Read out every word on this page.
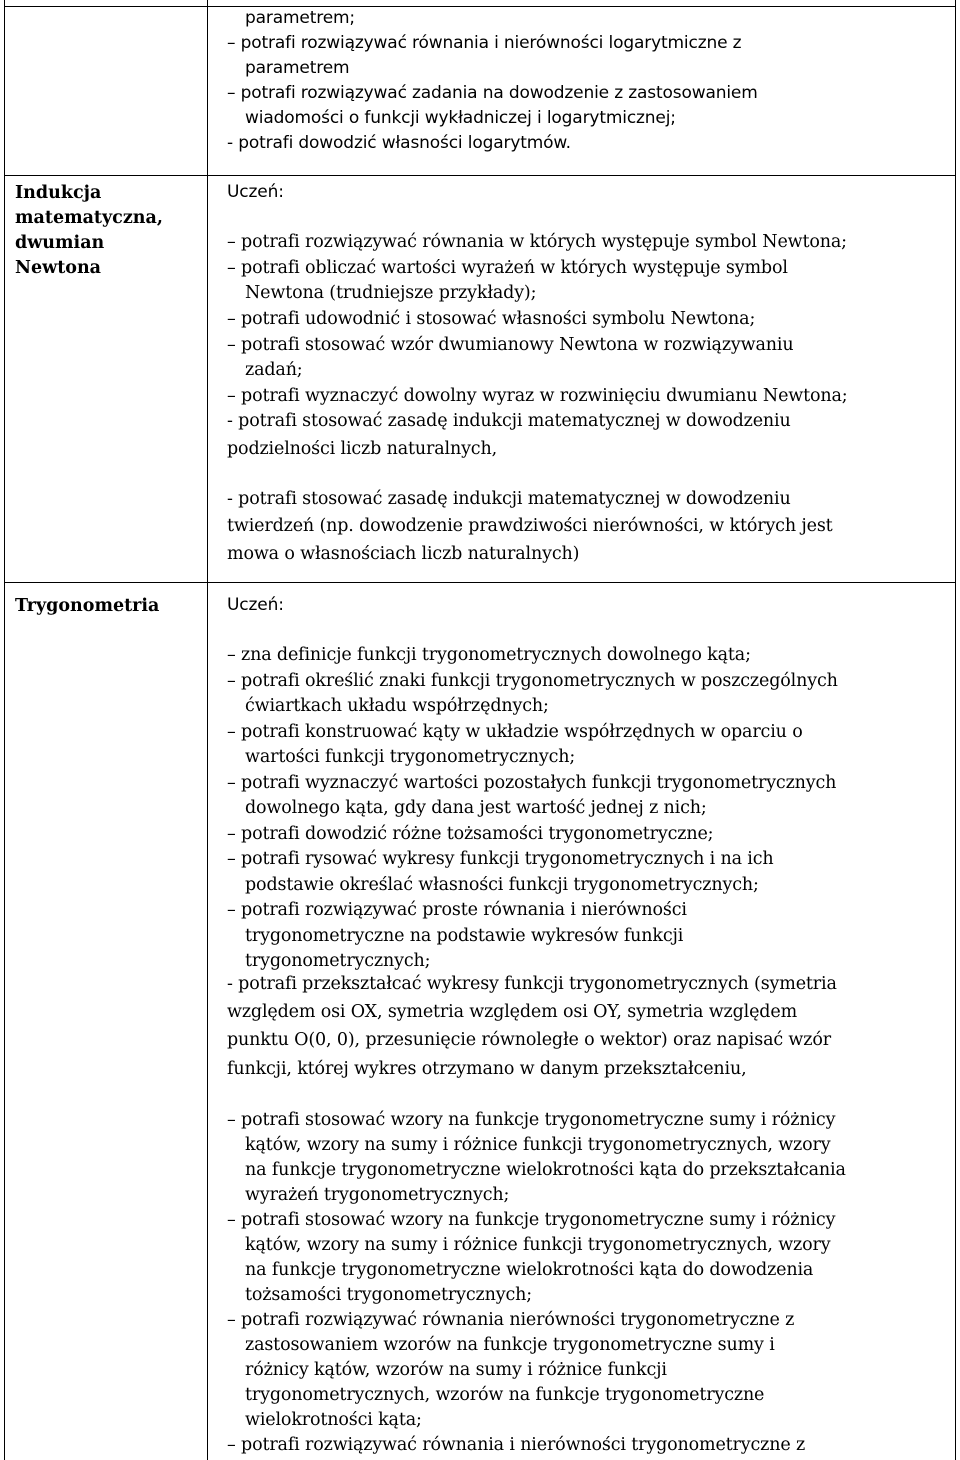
parametrem;
– potrafi rozwiązywać równania i nierówności logarytmiczne z
parametrem
– potrafi rozwiązywać zadania na dowodzenie z zastosowaniem
wiadomości o funkcji wykładniczej i logarytmicznej;
- potrafi dowodzić własności logarytmów.
Indukcja
matematyczna,
dwumian
Newtona
Uczeń:
– potrafi rozwiązywać równania w których występuje symbol Newtona;
– potrafi obliczać wartości wyrażeń w których występuje symbol
Newtona (trudniejsze przykłady);
– potrafi udowodnić i stosować własności symbolu Newtona;
– potrafi stosować wzór dwumianowy Newtona w rozwiązywaniu
zadań;
– potrafi wyznaczyć dowolny wyraz w rozwinięciu dwumianu Newtona;
- potrafi stosować zasadę indukcji matematycznej w dowodzeniu
podzielności liczb naturalnych,
- potrafi stosować zasadę indukcji matematycznej w dowodzeniu
twierdzeń (np. dowodzenie prawdziwości nierówności, w których jest
mowa o własnościach liczb naturalnych)
Trygonometria	Uczeń:
– zna definicje funkcji trygonometrycznych dowolnego kąta;
– potrafi określić znaki funkcji trygonometrycznych w poszczególnych
ćwiartkach układu współrzędnych;
– potrafi konstruować kąty w układzie współrzędnych w oparciu o
wartości funkcji trygonometrycznych;
– potrafi wyznaczyć wartości pozostałych funkcji trygonometrycznych
dowolnego kąta, gdy dana jest wartość jednej z nich;
– potrafi dowodzić różne tożsamości trygonometryczne;
– potrafi rysować wykresy funkcji trygonometrycznych i na ich
podstawie określać własności funkcji trygonometrycznych;
– potrafi rozwiązywać proste równania i nierówności
trygonometryczne na podstawie wykresów funkcji
trygonometrycznych;
- potrafi przekształcać wykresy funkcji trygonometrycznych (symetria
względem osi OX, symetria względem osi OY, symetria względem
punktu O(0, 0), przesunięcie równoległe o wektor) oraz napisać wzór
funkcji, której wykres otrzymano w danym przekształceniu,
– potrafi stosować wzory na funkcje trygonometryczne sumy i różnicy
kątów, wzory na sumy i różnice funkcji trygonometrycznych, wzory
na funkcje trygonometryczne wielokrotności kąta do przekształcania
wyrażeń trygonometrycznych;
– potrafi stosować wzory na funkcje trygonometryczne sumy i różnicy
kątów, wzory na sumy i różnice funkcji trygonometrycznych, wzory
na funkcje trygonometryczne wielokrotności kąta do dowodzenia
tożsamości trygonometrycznych;
– potrafi rozwiązywać równania nierówności trygonometryczne z
zastosowaniem wzorów na funkcje trygonometryczne sumy i
różnicy kątów, wzorów na sumy i różnice funkcji
trygonometrycznych, wzorów na funkcje trygonometryczne
wielokrotności kąta;
– potrafi rozwiązywać równania i nierówności trygonometryczne z
